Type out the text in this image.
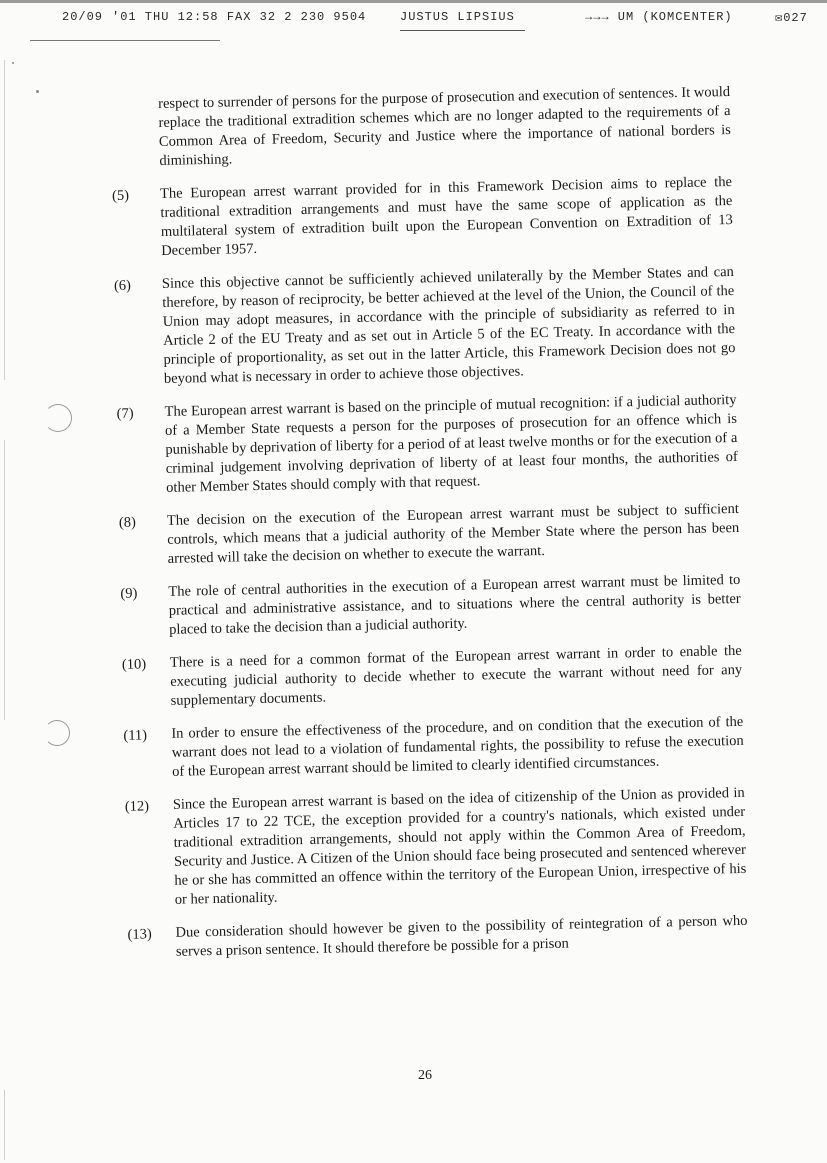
20/09 '01 THU 12:58 FAX 32 2 230 9504	JUSTUS LIPSIUS	→→→ UM (KOMCENTER)	✉027
respect to surrender of persons for the purpose of prosecution and execution of sentences. It would replace the traditional extradition schemes which are no longer adapted to the requirements of a Common Area of Freedom, Security and Justice where the importance of national borders is diminishing.
(5)	The European arrest warrant provided for in this Framework Decision aims to replace the traditional extradition arrangements and must have the same scope of application as the multilateral system of extradition built upon the European Convention on Extradition of 13 December 1957.
(6)	Since this objective cannot be sufficiently achieved unilaterally by the Member States and can therefore, by reason of reciprocity, be better achieved at the level of the Union, the Council of the Union may adopt measures, in accordance with the principle of subsidiarity as referred to in Article 2 of the EU Treaty and as set out in Article 5 of the EC Treaty. In accordance with the principle of proportionality, as set out in the latter Article, this Framework Decision does not go beyond what is necessary in order to achieve those objectives.
(7)	The European arrest warrant is based on the principle of mutual recognition: if a judicial authority of a Member State requests a person for the purposes of prosecution for an offence which is punishable by deprivation of liberty for a period of at least twelve months or for the execution of a criminal judgement involving deprivation of liberty of at least four months, the authorities of other Member States should comply with that request.
(8)	The decision on the execution of the European arrest warrant must be subject to sufficient controls, which means that a judicial authority of the Member State where the person has been arrested will take the decision on whether to execute the warrant.
(9)	The role of central authorities in the execution of a European arrest warrant must be limited to practical and administrative assistance, and to situations where the central authority is better placed to take the decision than a judicial authority.
(10)	There is a need for a common format of the European arrest warrant in order to enable the executing judicial authority to decide whether to execute the warrant without need for any supplementary documents.
(11)	In order to ensure the effectiveness of the procedure, and on condition that the execution of the warrant does not lead to a violation of fundamental rights, the possibility to refuse the execution of the European arrest warrant should be limited to clearly identified circumstances.
(12)	Since the European arrest warrant is based on the idea of citizenship of the Union as provided in Articles 17 to 22 TCE, the exception provided for a country's nationals, which existed under traditional extradition arrangements, should not apply within the Common Area of Freedom, Security and Justice. A Citizen of the Union should face being prosecuted and sentenced wherever he or she has committed an offence within the territory of the European Union, irrespective of his or her nationality.
(13)	Due consideration should however be given to the possibility of reintegration of a person who serves a prison sentence. It should therefore be possible for a prison
26
